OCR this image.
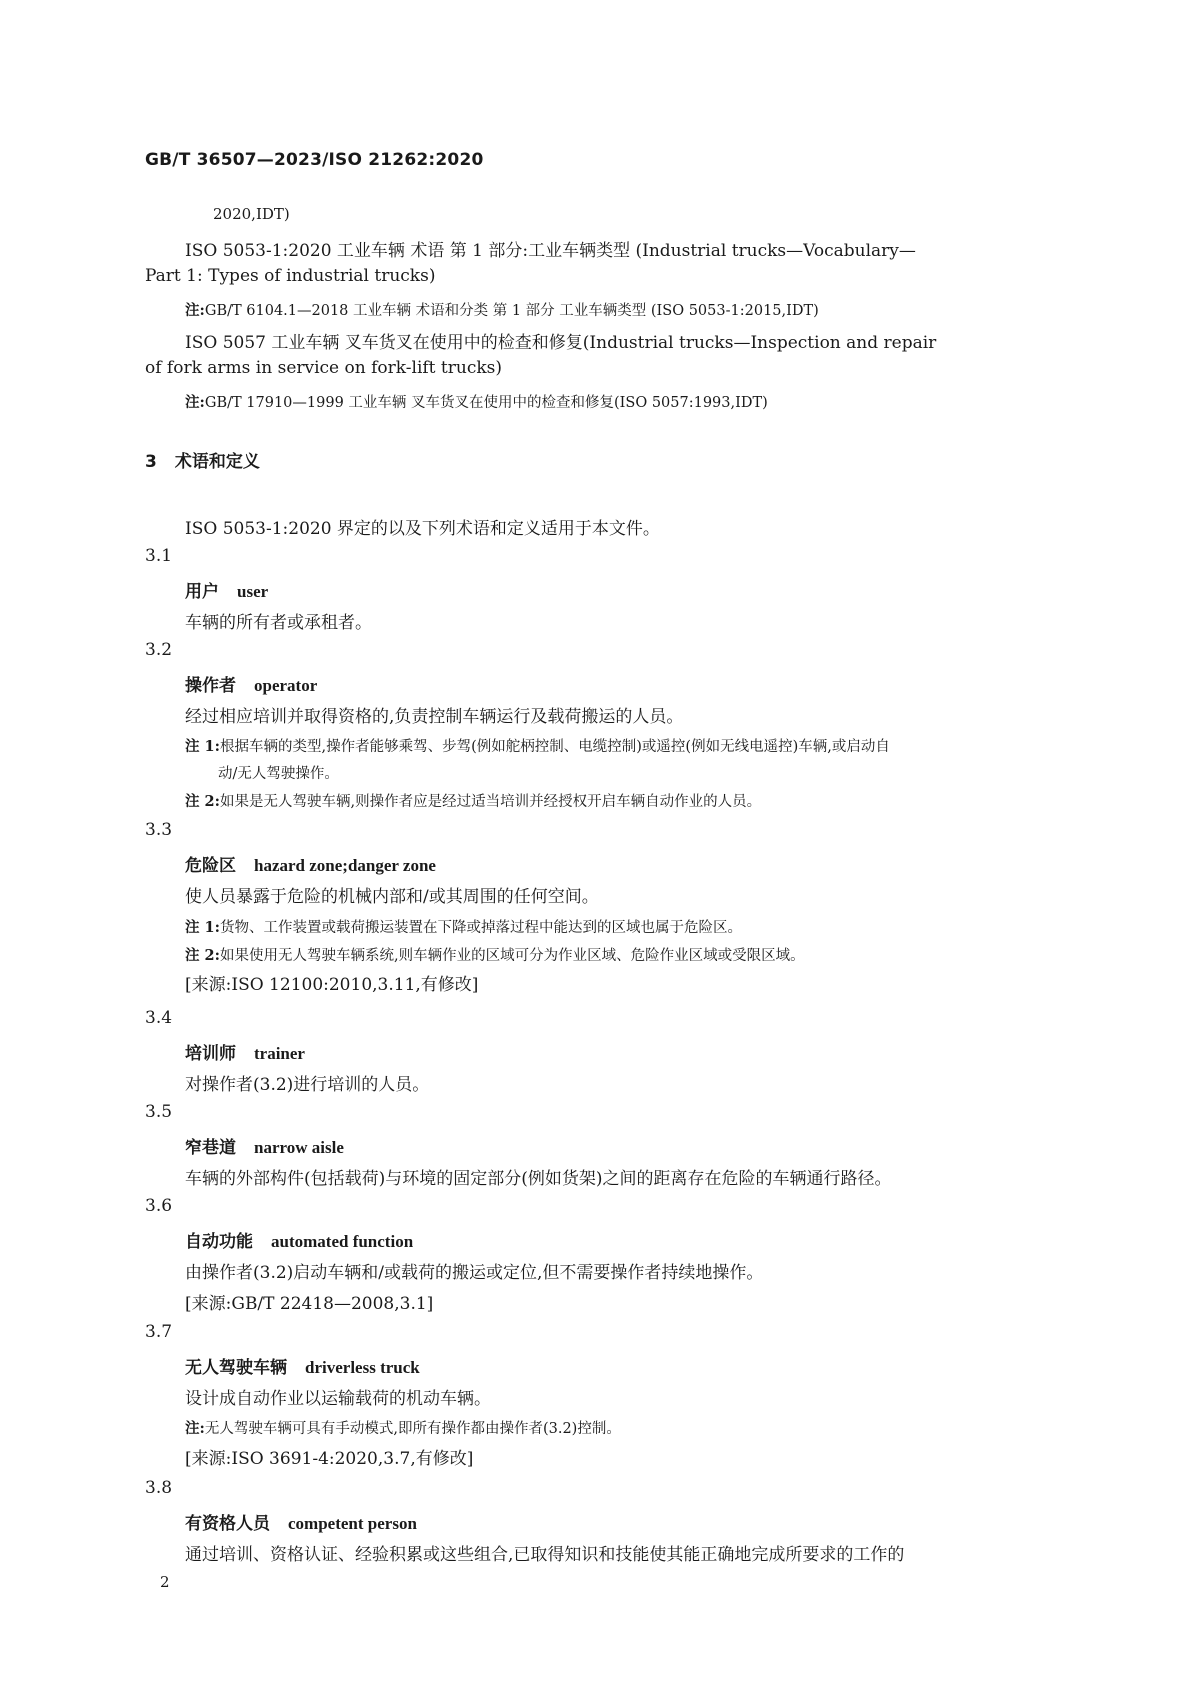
GB/T 36507—2023/ISO 21262:2020
2020,IDT)
ISO 5053-1:2020 工业车辆 术语 第 1 部分:工业车辆类型 (Industrial trucks—Vocabulary—
Part 1: Types of industrial trucks)
注:GB/T 6104.1—2018 工业车辆 术语和分类 第 1 部分 工业车辆类型 (ISO 5053-1:2015,IDT)
ISO 5057 工业车辆 叉车货叉在使用中的检查和修复(Industrial trucks—Inspection and repair
of fork arms in service on fork-lift trucks)
注:GB/T 17910—1999 工业车辆 叉车货叉在使用中的检查和修复(ISO 5057:1993,IDT)
3 术语和定义
ISO 5053-1:2020 界定的以及下列术语和定义适用于本文件。
3.1
用户 user
车辆的所有者或承租者。
3.2
操作者 operator
经过相应培训并取得资格的,负责控制车辆运行及载荷搬运的人员。
注 1:根据车辆的类型,操作者能够乘驾、步驾(例如舵柄控制、电缆控制)或遥控(例如无线电遥控)车辆,或启动自
动/无人驾驶操作。
注 2:如果是无人驾驶车辆,则操作者应是经过适当培训并经授权开启车辆自动作业的人员。
3.3
危险区 hazard zone;danger zone
使人员暴露于危险的机械内部和/或其周围的任何空间。
注 1:货物、工作装置或载荷搬运装置在下降或掉落过程中能达到的区域也属于危险区。
注 2:如果使用无人驾驶车辆系统,则车辆作业的区域可分为作业区域、危险作业区域或受限区域。
[来源:ISO 12100:2010,3.11,有修改]
3.4
培训师 trainer
对操作者(3.2)进行培训的人员。
3.5
窄巷道 narrow aisle
车辆的外部构件(包括载荷)与环境的固定部分(例如货架)之间的距离存在危险的车辆通行路径。
3.6
自动功能 automated function
由操作者(3.2)启动车辆和/或载荷的搬运或定位,但不需要操作者持续地操作。
[来源:GB/T 22418—2008,3.1]
3.7
无人驾驶车辆 driverless truck
设计成自动作业以运输载荷的机动车辆。
注:无人驾驶车辆可具有手动模式,即所有操作都由操作者(3.2)控制。
[来源:ISO 3691-4:2020,3.7,有修改]
3.8
有资格人员 competent person
通过培训、资格认证、经验积累或这些组合,已取得知识和技能使其能正确地完成所要求的工作的
2
